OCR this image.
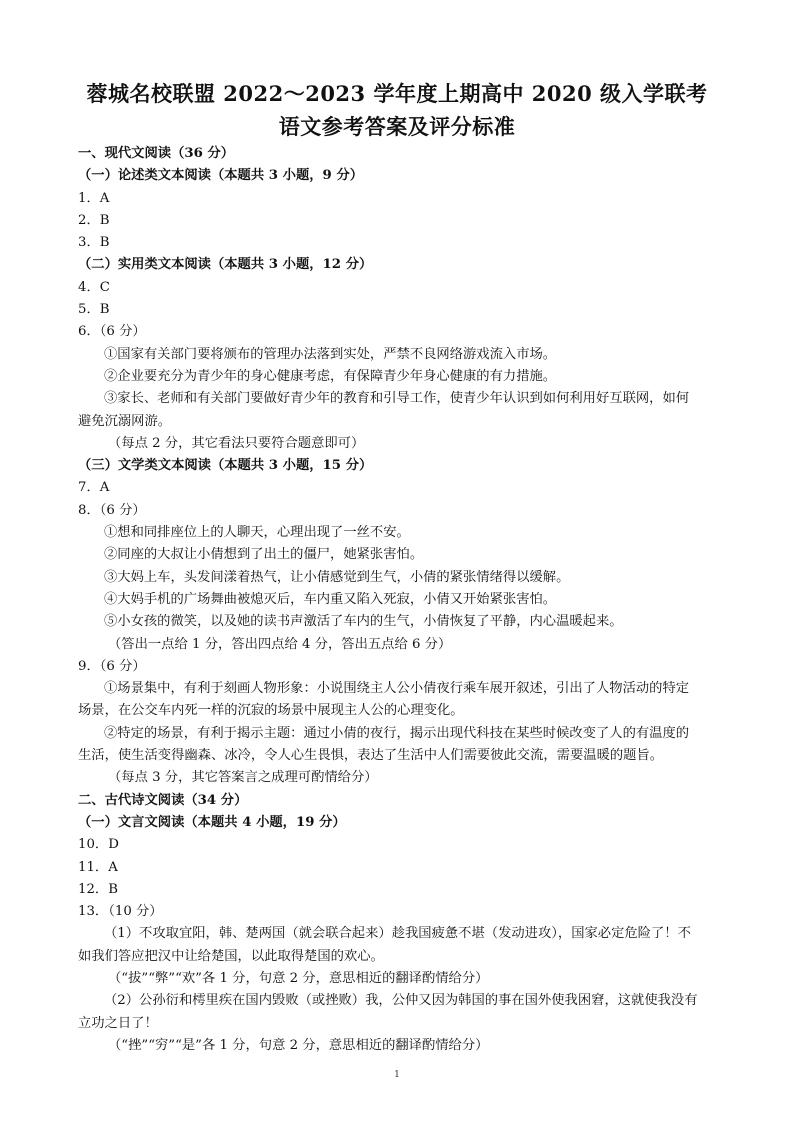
蓉城名校联盟 2022～2023 学年度上期高中 2020 级入学联考
语文参考答案及评分标准
一、现代文阅读（36 分）
（一）论述类文本阅读（本题共 3 小题，9 分）
1．A
2．B
3．B
（二）实用类文本阅读（本题共 3 小题，12 分）
4．C
5．B
6．（6 分）
①国家有关部门要将颁布的管理办法落到实处，严禁不良网络游戏流入市场。
②企业要充分为青少年的身心健康考虑，有保障青少年身心健康的有力措施。
③家长、老师和有关部门要做好青少年的教育和引导工作，使青少年认识到如何利用好互联网，如何
避免沉溺网游。
（每点 2 分，其它看法只要符合题意即可）
（三）文学类文本阅读（本题共 3 小题，15 分）
7．A
8．（6 分）
①想和同排座位上的人聊天，心理出现了一丝不安。
②同座的大叔让小倩想到了出土的僵尸，她紧张害怕。
③大妈上车，头发间漾着热气，让小倩感觉到生气，小倩的紧张情绪得以缓解。
④大妈手机的广场舞曲被熄灭后，车内重又陷入死寂，小倩又开始紧张害怕。
⑤小女孩的微笑，以及她的读书声激活了车内的生气，小倩恢复了平静，内心温暖起来。
（答出一点给 1 分，答出四点给 4 分，答出五点给 6 分）
9．（6 分）
①场景集中，有利于刻画人物形象：小说围绕主人公小倩夜行乘车展开叙述，引出了人物活动的特定
场景，在公交车内死一样的沉寂的场景中展现主人公的心理变化。
②特定的场景，有利于揭示主题：通过小倩的夜行，揭示出现代科技在某些时候改变了人的有温度的
生活，使生活变得幽森、冰冷，令人心生畏惧，表达了生活中人们需要彼此交流，需要温暖的题旨。
（每点 3 分，其它答案言之成理可酌情给分）
二、古代诗文阅读（34 分）
（一）文言文阅读（本题共 4 小题，19 分）
10．D
11．A
12．B
13．（10 分）
（1）不攻取宜阳，韩、楚两国（就会联合起来）趁我国疲惫不堪（发动进攻），国家必定危险了！不
如我们答应把汉中让给楚国，以此取得楚国的欢心。
（“拔”“弊”“欢”各 1 分，句意 2 分，意思相近的翻译酌情给分）
（2）公孙衍和樗里疾在国内毁败（或挫败）我，公仲又因为韩国的事在国外使我困窘，这就使我没有
立功之日了！
（“挫”“穷”“是”各 1 分，句意 2 分，意思相近的翻译酌情给分）
1
